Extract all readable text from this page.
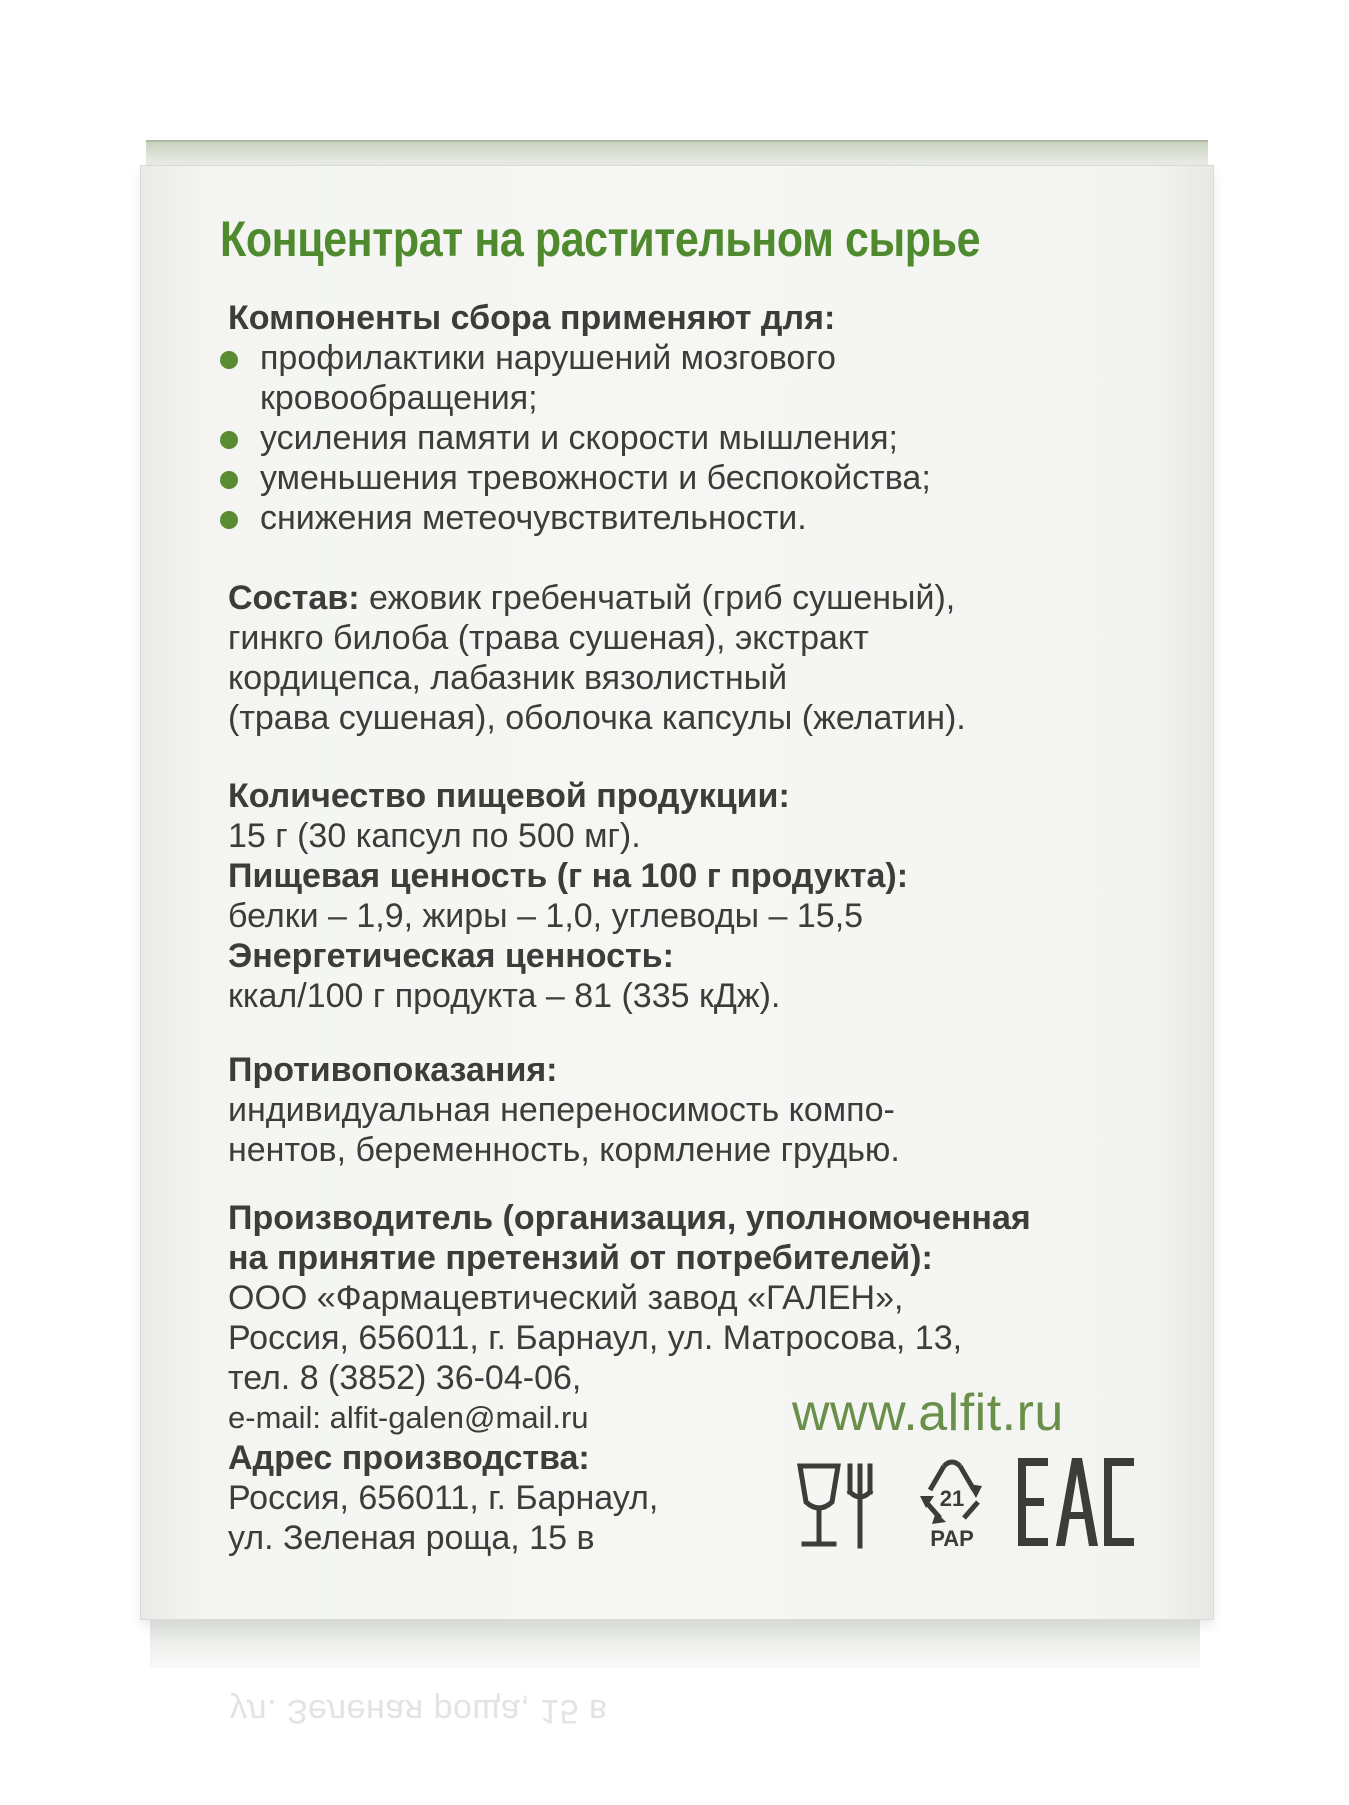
ул. Зеленая роща, 15 в
Концентрат на растительном сырье
Компоненты сбора применяют для:
профилактики нарушений мозгового
кровообращения;
усиления памяти и скорости мышления;
уменьшения тревожности и беспокойства;
снижения метеочувствительности.
Состав: ежовик гребенчатый (гриб сушеный),
гинкго билоба (трава сушеная), экстракт
кордицепса, лабазник вязолистный
(трава сушеная), оболочка капсулы (желатин).
Количество пищевой продукции:
15 г (30 капсул по 500 мг).
Пищевая ценность (г на 100 г продукта):
белки – 1,9, жиры – 1,0, углеводы – 15,5
Энергетическая ценность:
ккал/100 г продукта – 81 (335 кДж).
Противопоказания:
индивидуальная непереносимость компо-
нентов, беременность, кормление грудью.
Производитель (организация, уполномоченная
на принятие претензий от потребителей):
ООО «Фармацевтический завод «ГАЛЕН»,
Россия, 656011, г. Барнаул, ул. Матросова, 13,
тел. 8 (3852) 36-04-06,
e-mail: alfit-galen@mail.ru
Адрес производства:
Россия, 656011, г. Барнаул,
ул. Зеленая роща, 15 в
www.alfit.ru
21
PAP
EAC
